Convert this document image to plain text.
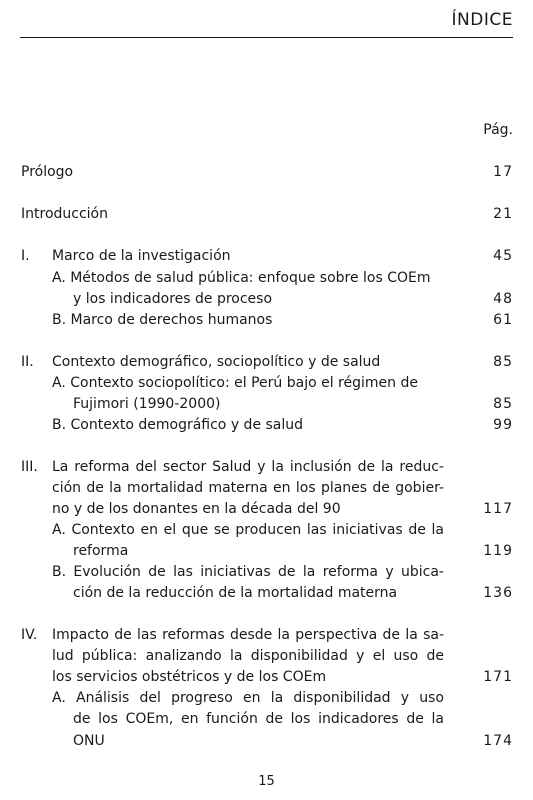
ÍNDICE
Pág.
Prólogo	17
Introducción	21
I. Marco de la investigación	45
A. Métodos de salud pública: enfoque sobre los COEm
y los indicadores de proceso	48
B. Marco de derechos humanos	61
II. Contexto demográfico, sociopolítico y de salud	85
A. Contexto sociopolítico: el Perú bajo el régimen de
Fujimori (1990-2000)	85
B. Contexto demográfico y de salud	99
III. La reforma del sector Salud y la inclusión de la reduc-
ción de la mortalidad materna en los planes de gobier-
no y de los donantes en la década del 90	117
A. Contexto en el que se producen las iniciativas de la
reforma	119
B. Evolución de las iniciativas de la reforma y ubica-
ción de la reducción de la mortalidad materna	136
IV. Impacto de las reformas desde la perspectiva de la sa-
lud pública: analizando la disponibilidad y el uso de
los servicios obstétricos y de los COEm	171
A. Análisis del progreso en la disponibilidad y uso
de los COEm, en función de los indicadores de la
ONU	174
15
